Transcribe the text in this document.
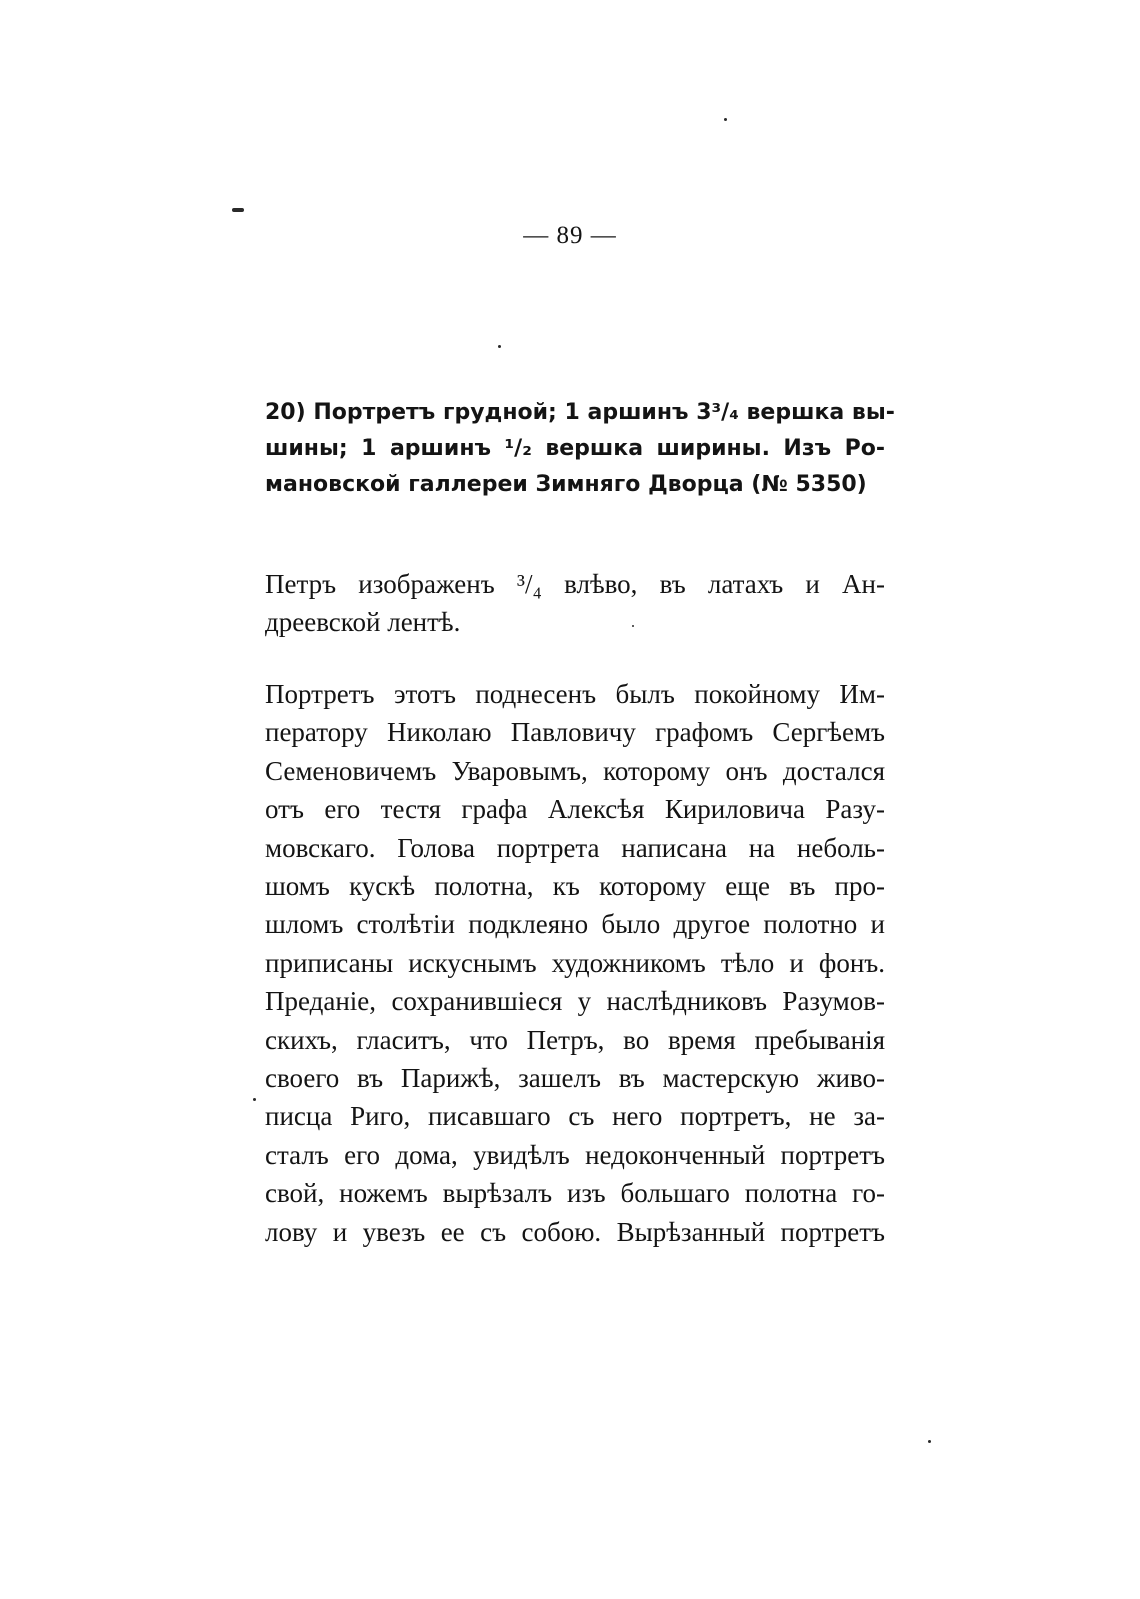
— 89 —
20) Портретъ грудной; 1 аршинъ 3³/₄ вершка вы-
шины; 1 аршинъ ¹/₂ вершка ширины. Изъ Ро-
мановской галлереи Зимняго Дворца (№ 5350)
Петръ изображенъ ³/₄ влѣво, въ латахъ и Ан-
дреевской лентѣ.
Портретъ этотъ поднесенъ былъ покойному Им-
ператору Николаю Павловичу графомъ Сергѣемъ
Семеновичемъ Уваровымъ, которому онъ достался
отъ его тестя графа Алексѣя Кириловича Разу-
мовскаго. Голова портрета написана на неболь-
шомъ кускѣ полотна, къ которому еще въ про-
шломъ столѣтіи подклеяно было другое полотно и
приписаны искуснымъ художникомъ тѣло и фонъ.
Преданіе, сохранившіеся у наслѣдниковъ Разумов-
скихъ, гласитъ, что Петръ, во время пребыванія
своего въ Парижѣ, зашелъ въ мастерскую живо-
писца Риго, писавшаго съ него портретъ, не за-
сталъ его дома, увидѣлъ недоконченный портретъ
свой, ножемъ вырѣзалъ изъ большаго полотна го-
лову и увезъ ее съ собою. Вырѣзанный портретъ
